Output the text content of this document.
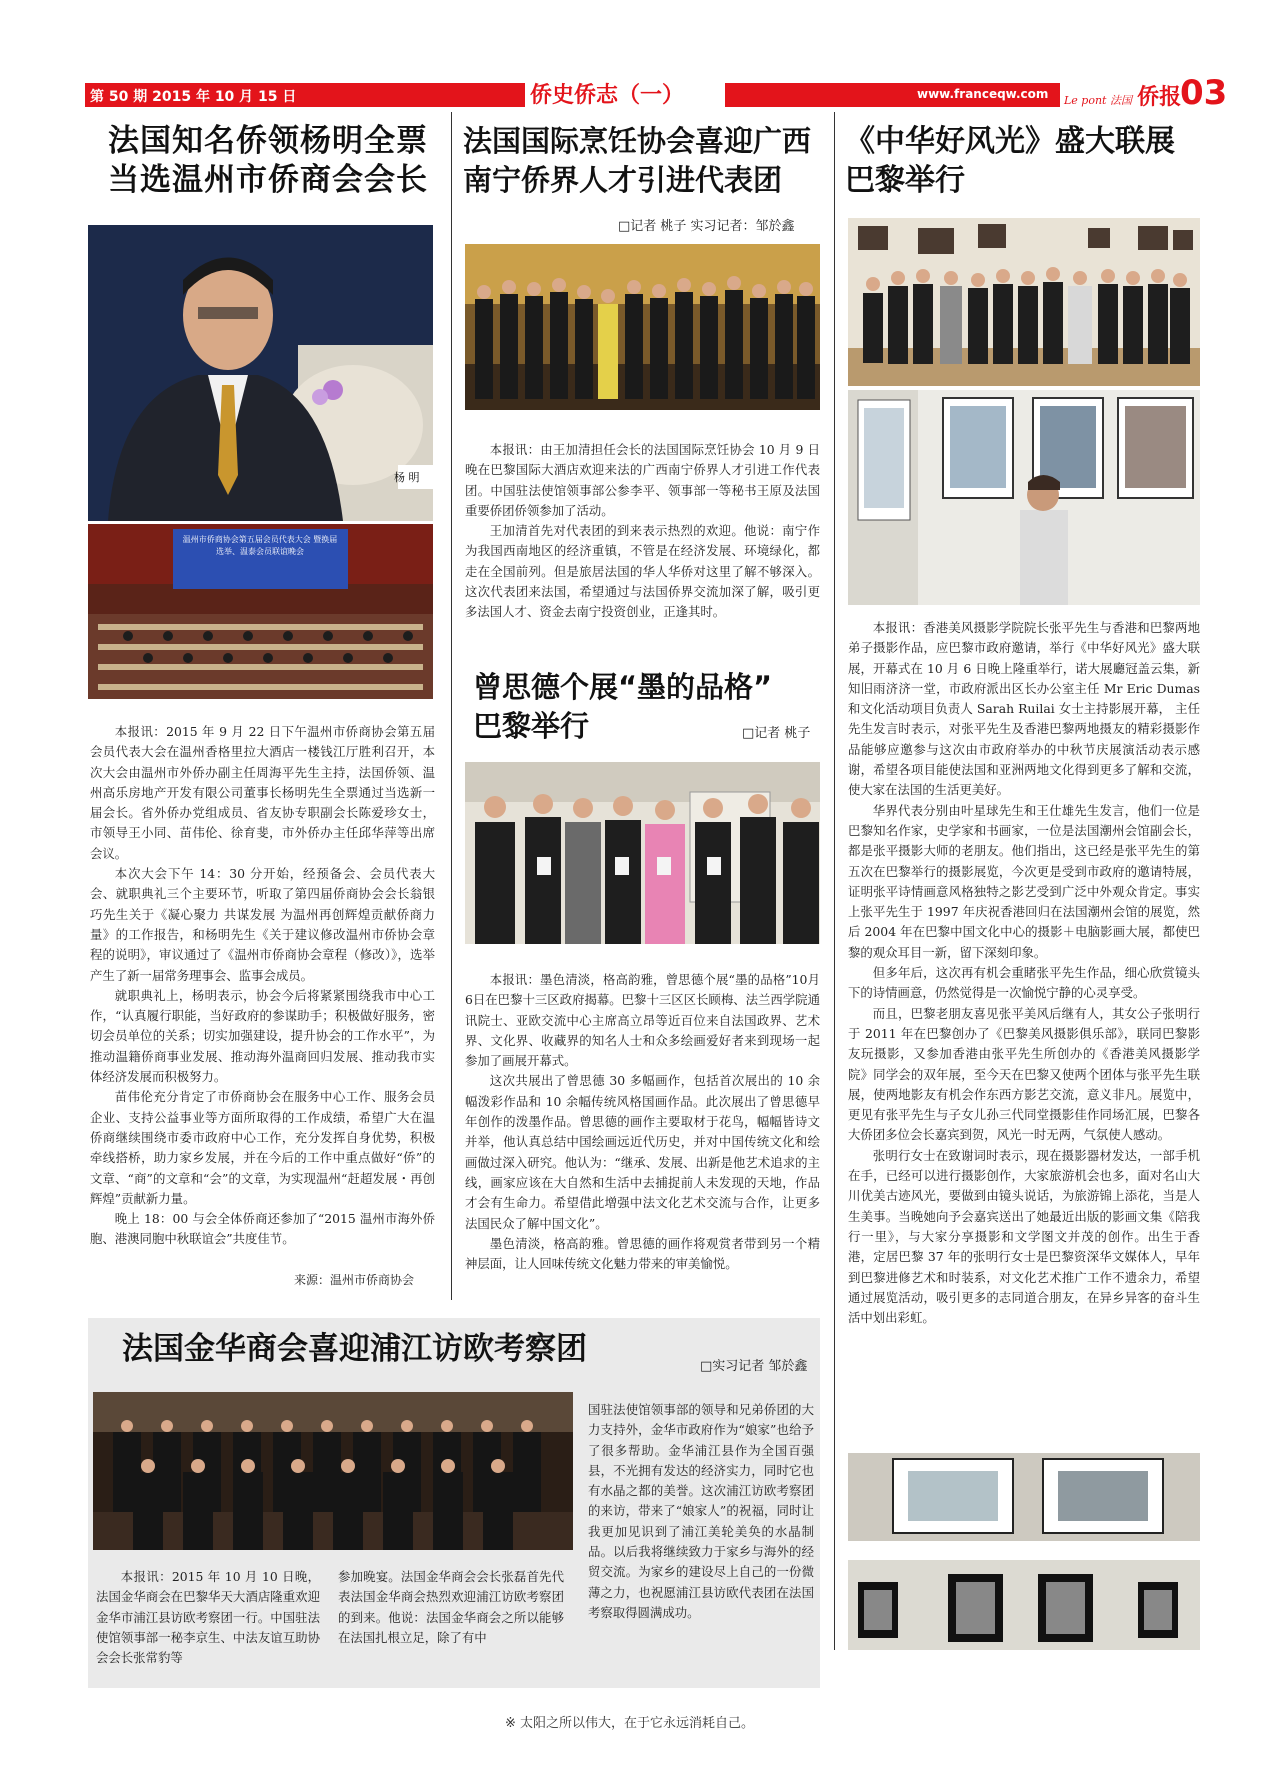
第 50 期 2015 年 10 月 15 日	侨史侨志（一）	www.franceqw.com	Le pont 法国 侨报
03
法国知名侨领杨明全票
当选温州市侨商会会长
杨 明
温州市侨商协会第五届会员代表大会 暨换届选举、温泰会员联谊晚会

本报讯：2015 年 9 月 22 日下午温州市侨商协会第五届会员代表大会在温州香格里拉大酒店一楼钱江厅胜利召开，本次大会由温州市外侨办副主任周海平先生主持，法国侨领、温州高乐房地产开发有限公司董事长杨明先生全票通过当选新一届会长。省外侨办党组成员、省友协专职副会长陈爱珍女士，市领导王小同、苗伟伦、徐育斐，市外侨办主任邱华萍等出席会议。

本次大会下午 14：30 分开始，经预备会、会员代表大会、就职典礼三个主要环节，听取了第四届侨商协会会长翁银巧先生关于《凝心聚力 共谋发展 为温州再创辉煌贡献侨商力量》的工作报告，和杨明先生《关于建议修改温州市侨协会章程的说明》，审议通过了《温州市侨商协会章程（修改）》，选举产生了新一届常务理事会、监事会成员。

就职典礼上，杨明表示，协会今后将紧紧围绕我市中心工作，“认真履行职能，当好政府的参谋助手；积极做好服务，密切会员单位的关系；切实加强建设，提升协会的工作水平”，为推动温籍侨商事业发展、推动海外温商回归发展、推动我市实体经济发展而积极努力。

苗伟伦充分肯定了市侨商协会在服务中心工作、服务会员企业、支持公益事业等方面所取得的工作成绩，希望广大在温侨商继续围绕市委市政府中心工作，充分发挥自身优势，积极牵线搭桥，助力家乡发展，并在今后的工作中重点做好“侨”的文章、“商”的文章和“会”的文章，为实现温州“赶超发展・再创辉煌”贡献新力量。

晚上 18：00 与会全体侨商还参加了“2015 温州市海外侨胞、港澳同胞中秋联谊会”共度佳节。

来源：温州市侨商协会
法国国际烹饪协会喜迎广西
南宁侨界人才引进代表团
□记者 桃子 实习记者：邹於鑫

本报讯：由王加清担任会长的法国国际烹饪协会 10 月 9 日晚在巴黎国际大酒店欢迎来法的广西南宁侨界人才引进工作代表团。中国驻法使馆领事部公参李平、领事部一等秘书王原及法国重要侨团侨领参加了活动。

王加清首先对代表团的到来表示热烈的欢迎。他说：南宁作为我国西南地区的经济重镇，不管是在经济发展、环境绿化，都走在全国前列。但是旅居法国的华人华侨对这里了解不够深入。这次代表团来法国，希望通过与法国侨界交流加深了解，吸引更多法国人才、资金去南宁投资创业，正逢其时。

曾思德个展“墨的品格”
巴黎举行	□记者 桃子

本报讯：墨色清淡，格高韵雅，曾思德个展“墨的品格”10月6日在巴黎十三区政府揭幕。巴黎十三区区长顾梅、法兰西学院通讯院士、亚欧交流中心主席高立昂等近百位来自法国政界、艺术界、文化界、收藏界的知名人士和众多绘画爱好者来到现场一起参加了画展开幕式。

这次共展出了曾思德 30 多幅画作，包括首次展出的 10 余幅泼彩作品和 10 余幅传统风格国画作品。此次展出了曾思德早年创作的泼墨作品。曾思德的画作主要取材于花鸟，幅幅皆诗文并举，他认真总结中国绘画远近代历史，并对中国传统文化和绘画做过深入研究。他认为：“继承、发展、出新是他艺术追求的主线，画家应该在大自然和生活中去捕捉前人未发现的天地，作品才会有生命力。希望借此增强中法文化艺术交流与合作，让更多法国民众了解中国文化”。

墨色清淡，格高韵雅。曾思德的画作将观赏者带到另一个精神层面，让人回味传统文化魅力带来的审美愉悦。

《中华好风光》盛大联展
巴黎举行

本报讯：香港美风摄影学院院长张平先生与香港和巴黎两地弟子摄影作品，应巴黎市政府邀请，举行《中华好风光》盛大联展，开幕式在 10 月 6 日晚上隆重举行，诺大展廳冠盖云集，新知旧雨济济一堂，市政府派出区长办公室主任 Mr Eric Dumas 和文化活动项目负责人 Sarah Ruilai 女士主持影展开幕， 主任先生发言时表示，对张平先生及香港巴黎两地摄友的精彩摄影作品能够应邀参与这次由市政府举办的中秋节庆展演活动表示感谢，希望各项目能使法国和亚洲两地文化得到更多了解和交流，使大家在法国的生活更美好。

华界代表分别由叶星球先生和王仕雄先生发言，他们一位是巴黎知名作家，史学家和书画家，一位是法国潮州会馆副会长，都是张平摄影大师的老朋友。他们指出，这已经是张平先生的第五次在巴黎举行的摄影展览，今次更是受到市政府的邀请特展，证明张平诗情画意风格独特之影艺受到广泛中外观众肯定。事实上张平先生于 1997 年庆祝香港回归在法国潮州会馆的展览，然后 2004 年在巴黎中国文化中心的摄影＋电脑影画大展，都使巴黎的观众耳目一新，留下深刻印象。

但多年后，这次再有机会重睹张平先生作品，细心欣赏镜头下的诗情画意，仍然觉得是一次愉悦宁静的心灵享受。

而且，巴黎老朋友喜见张平美风后继有人，其女公子张明行于 2011 年在巴黎创办了《巴黎美风摄影俱乐部》，联同巴黎影友玩摄影，又参加香港由张平先生所创办的《香港美风摄影学院》同学会的双年展，至今天在巴黎又使两个团体与张平先生联展，使两地影友有机会作东西方影艺交流，意义非凡。展览中，更见有张平先生与子女儿孙三代同堂摄影佳作同场汇展，巴黎各大侨团多位会长嘉宾到贺，风光一时无两，气氛使人感动。

张明行女士在致谢词时表示，现在摄影器材发达，一部手机在手，已经可以进行摄影创作，大家旅游机会也多，面对名山大川优美古迹风光，要做到由镜头说话，为旅游锦上添花，当是人生美事。当晚她向予会嘉宾送出了她最近出版的影画文集《陪我行一里》，与大家分享摄影和文学图文并茂的创作。出生于香港，定居巴黎 37 年的张明行女士是巴黎资深华文媒体人，早年到巴黎进修艺术和时装系，对文化艺术推广工作不遗余力，希望通过展览活动，吸引更多的志同道合朋友，在异乡异客的奋斗生活中划出彩虹。

法国金华商会喜迎浦江访欧考察团	□实习记者 邹於鑫

本报讯：2015 年 10 月 10 日晚，法国金华商会在巴黎华天大酒店隆重欢迎金华市浦江县访欧考察团一行。中国驻法使馆领事部一秘李京生、中法友谊互助协会会长张常豹等

参加晚宴。法国金华商会会长张磊首先代表法国金华商会热烈欢迎浦江访欧考察团的到来。他说：法国金华商会之所以能够在法国扎根立足，除了有中

国驻法使馆领事部的领导和兄弟侨团的大力支持外，金华市政府作为“娘家”也给予了很多帮助。金华浦江县作为全国百强县，不光拥有发达的经济实力，同时它也有水晶之都的美誉。这次浦江访欧考察团的来访，带来了“娘家人”的祝福，同时让我更加见识到了浦江美轮美奂的水晶制品。以后我将继续致力于家乡与海外的经贸交流。为家乡的建设尽上自己的一份微薄之力，也祝愿浦江县访欧代表团在法国考察取得圆满成功。

※ 太阳之所以伟大，在于它永远消耗自己。
